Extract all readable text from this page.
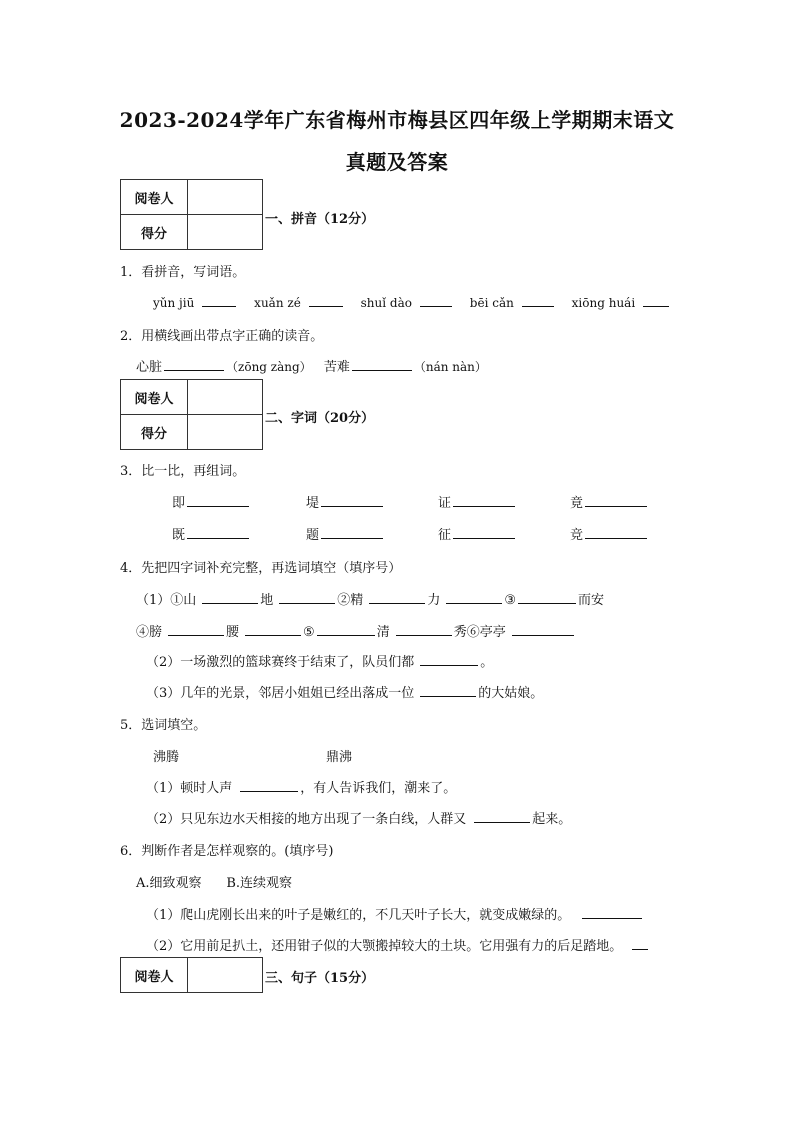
2023-2024学年广东省梅州市梅县区四年级上学期期末语文
真题及答案
阅卷人	
得分	
一、拼音（12分）
1．看拼音，写词语。
yǔn jiū	xuǎn zé	shuǐ dào	bēi cǎn	xiōng huái
2．用横线画出带点字正确的读音。
心脏	（zōng zàng） 苦难	（nán nàn）
阅卷人	
得分	
二、字词（20分）
3．比一比，再组词。
即	堤	证	竟
既	题	征	竞
4．先把四字词补充完整，再选词填空（填序号）
（1）①山	地	②精	力	③	而安
④膀	腰	⑤	清	秀⑥亭亭
（2）一场激烈的篮球赛终于结束了，队员们都	。
（3）几年的光景，邻居小姐姐已经出落成一位	的大姑娘。
5．选词填空。
沸腾	鼎沸
（1）顿时人声	，有人告诉我们，潮来了。
（2）只见东边水天相接的地方出现了一条白线，人群又	起来。
6．判断作者是怎样观察的。(填序号)
A.细致观察      B.连续观察
（1）爬山虎刚长出来的叶子是嫩红的，不几天叶子长大，就变成嫩绿的。
（2）它用前足扒土，还用钳子似的大颚搬掉较大的土块。它用强有力的后足踏地。
阅卷人		三、句子（15分）
